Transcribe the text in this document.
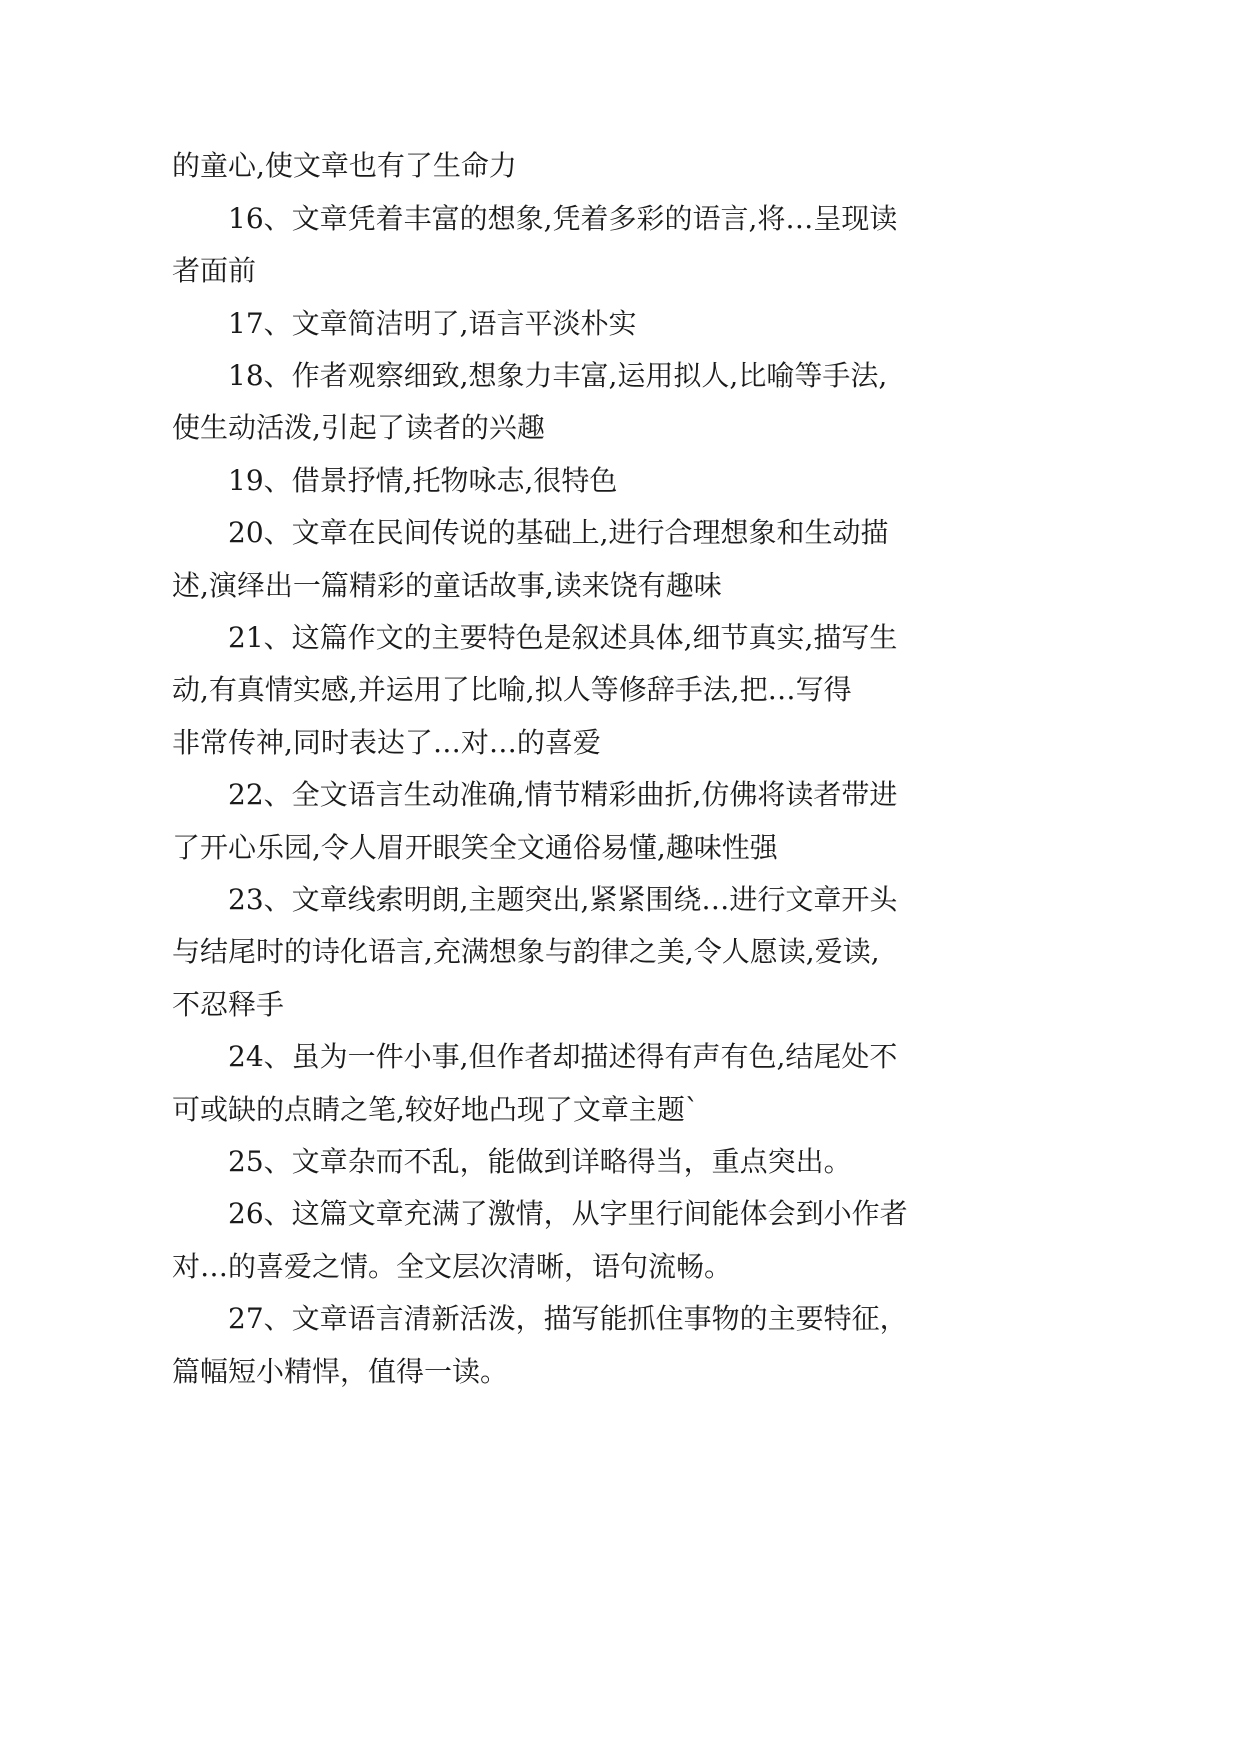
的童心,使文章也有了生命力

16、文章凭着丰富的想象,凭着多彩的语言,将…呈现读

者面前

17、文章简洁明了,语言平淡朴实

18、作者观察细致,想象力丰富,运用拟人,比喻等手法,

使生动活泼,引起了读者的兴趣

19、借景抒情,托物咏志,很特色

20、文章在民间传说的基础上,进行合理想象和生动描

述,演绎出一篇精彩的童话故事,读来饶有趣味

21、这篇作文的主要特色是叙述具体,细节真实,描写生

动,有真情实感,并运用了比喻,拟人等修辞手法,把…写得

非常传神,同时表达了…对…的喜爱

22、全文语言生动准确,情节精彩曲折,仿佛将读者带进

了开心乐园,令人眉开眼笑全文通俗易懂,趣味性强

23、文章线索明朗,主题突出,紧紧围绕…进行文章开头

与结尾时的诗化语言,充满想象与韵律之美,令人愿读,爱读,

不忍释手

24、虽为一件小事,但作者却描述得有声有色,结尾处不

可或缺的点睛之笔,较好地凸现了文章主题`

25、文章杂而不乱，能做到详略得当，重点突出。

26、这篇文章充满了激情，从字里行间能体会到小作者

对…的喜爱之情。全文层次清晰，语句流畅。

27、文章语言清新活泼，描写能抓住事物的主要特征，

篇幅短小精悍，值得一读。
